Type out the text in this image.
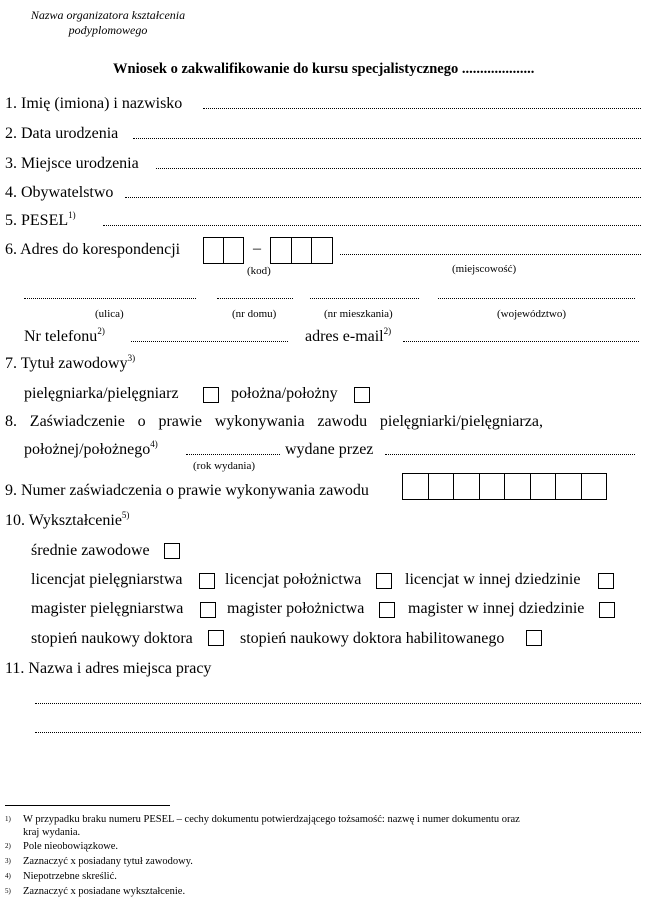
Nazwa organizatora kształcenia
podyplomowego
Wniosek o zakwalifikowanie do kursu specjalistycznego ....................
1. Imię (imiona) i nazwisko
2. Data urodzenia
3. Miejsce urodzenia
4. Obywatelstwo
5. PESEL$^{1)}$
6. Adres do korespondencji	–
(kod)	(miejscowość)
(ulica)	(nr domu)	(nr mieszkania)	(województwo)
Nr telefonu$^{2)}$	adres e-mail$^{2)}$
7. Tytuł zawodowy$^{3)}$
pielęgniarka/pielęgniarz	położna/położny
8. Zaświadczenie o prawie wykonywania zawodu pielęgniarki/pielęgniarza,
położnej/położnego$^{4)}$
(rok wydania)
wydane przez
9. Numer zaświadczenia o prawie wykonywania zawodu
10. Wykształcenie$^{5)}$
średnie zawodowe
licencjat pielęgniarstwa	licencjat położnictwa	licencjat w innej dziedzinie
magister pielęgniarstwa	magister położnictwa	magister w innej dziedzinie
stopień naukowy doktora	stopień naukowy doktora habilitowanego
11. Nazwa i adres miejsca pracy
$^{1)}$ W przypadku braku numeru PESEL – cechy dokumentu potwierdzającego tożsamość: nazwę i numer dokumentu oraz
kraj wydania.
$^{2)}$ Pole nieobowiązkowe.
$^{3)}$ Zaznaczyć x posiadany tytuł zawodowy.
$^{4)}$ Niepotrzebne skreślić.
$^{5)}$ Zaznaczyć x posiadane wykształcenie.
